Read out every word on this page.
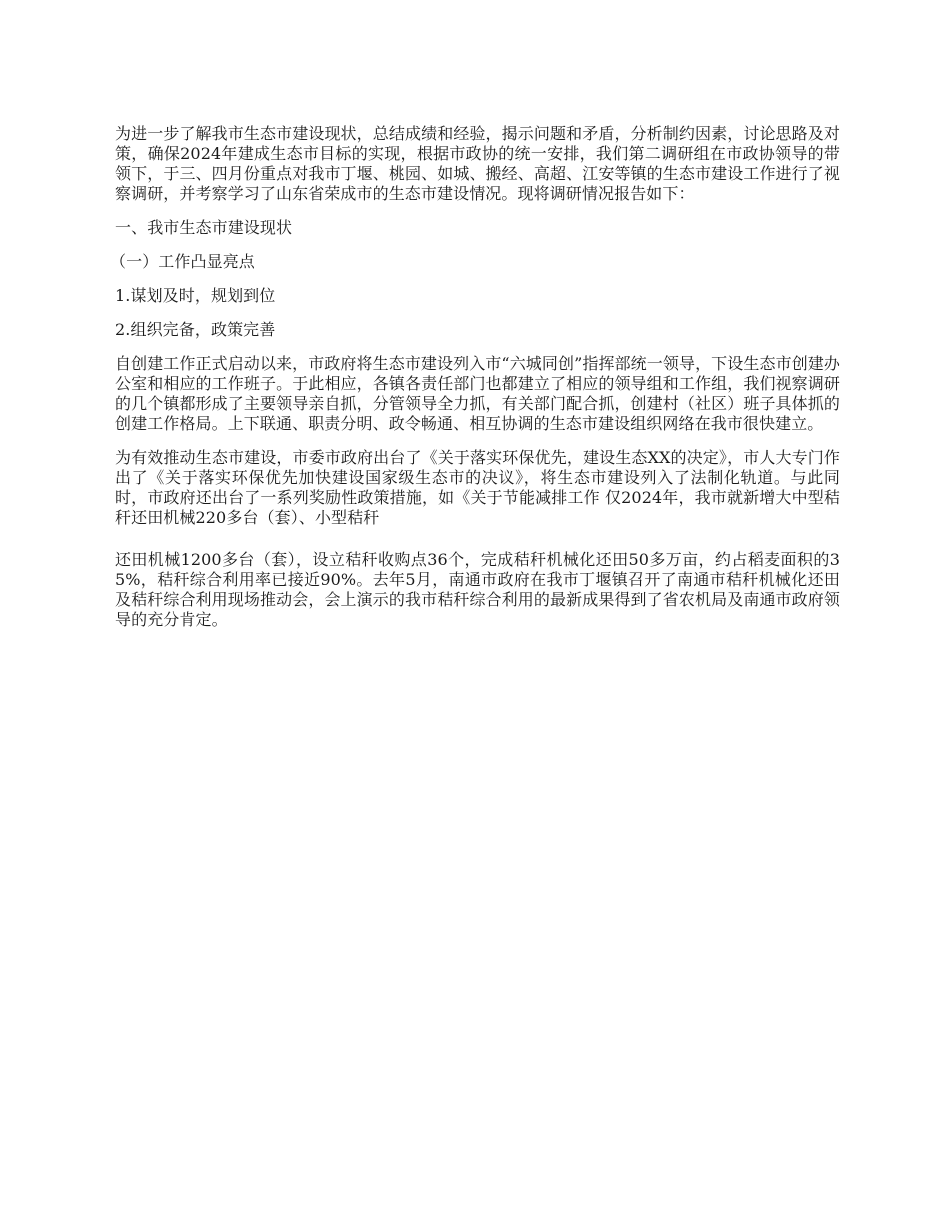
为进一步了解我市生态市建设现状，总结成绩和经验，揭示问题和矛盾，分析制约因素，讨论思路及对策，确保2024年建成生态市目标的实现，根据市政协的统一安排，我们第二调研组在市政协领导的带领下，于三、四月份重点对我市丁堰、桃园、如城、搬经、高超、江安等镇的生态市建设工作进行了视察调研，并考察学习了山东省荣成市的生态市建设情况。现将调研情况报告如下：

一、我市生态市建设现状

（一）工作凸显亮点

1.谋划及时，规划到位

2.组织完备，政策完善

自创建工作正式启动以来，市政府将生态市建设列入市“六城同创”指挥部统一领导，下设生态市创建办公室和相应的工作班子。于此相应，各镇各责任部门也都建立了相应的领导组和工作组，我们视察调研的几个镇都形成了主要领导亲自抓，分管领导全力抓，有关部门配合抓，创建村（社区）班子具体抓的创建工作格局。上下联通、职责分明、政令畅通、相互协调的生态市建设组织网络在我市很快建立。

为有效推动生态市建设，市委市政府出台了《关于落实环保优先，建设生态XX的决定》，市人大专门作出了《关于落实环保优先加快建设国家级生态市的决议》，将生态市建设列入了法制化轨道。与此同时，市政府还出台了一系列奖励性政策措施，如《关于节能减排工作 仅2024年，我市就新增大中型秸秆还田机械220多台（套）、小型秸秆

还田机械1200多台（套），设立秸秆收购点36个，完成秸秆机械化还田50多万亩，约占稻麦面积的35%，秸秆综合利用率已接近90%。去年5月，南通市政府在我市丁堰镇召开了南通市秸秆机械化还田及秸秆综合利用现场推动会，会上演示的我市秸秆综合利用的最新成果得到了省农机局及南通市政府领导的充分肯定。
